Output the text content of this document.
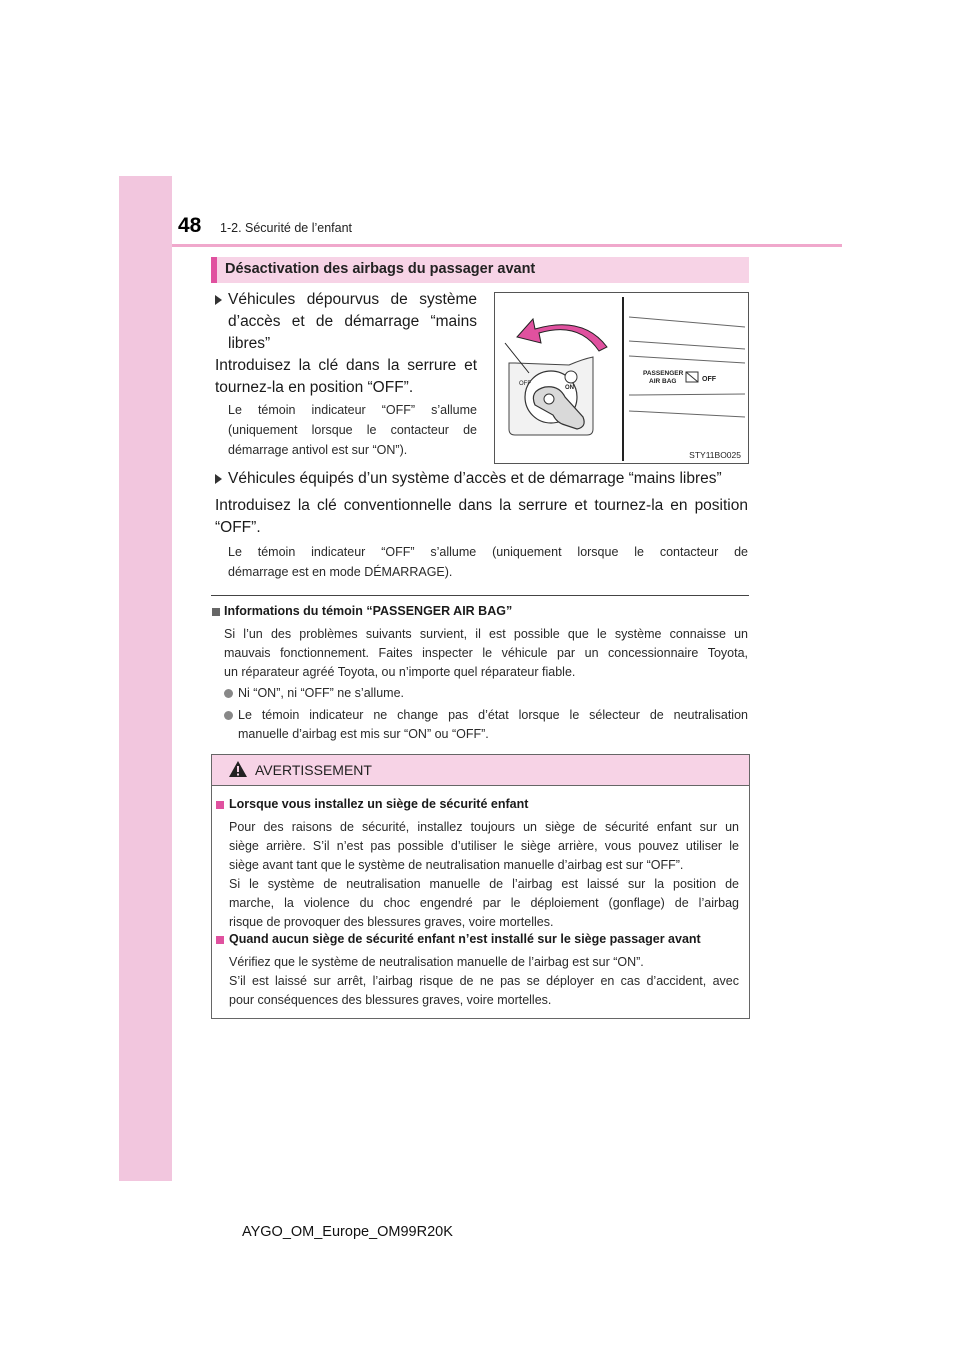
48 1-2. Sécurité de l’enfant
Désactivation des airbags du passager avant
Véhicules dépourvus de système
d’accès et de démarrage “mains
libres”
Introduisez la clé dans la serrure et
tournez-la en position “OFF”.
Le témoin indicateur “OFF” s’allume
(uniquement lorsque le contacteur de
démarrage antivol est sur “ON”).
PASSENGER
AIR BAG	OFF
OFF
ON
STY11BO025
Véhicules équipés d’un système d’accès et de démarrage “mains libres”
Introduisez la clé conventionnelle dans la serrure et tournez-la en position
“OFF”.
Le témoin indicateur “OFF” s’allume (uniquement lorsque le contacteur de
démarrage est en mode DÉMARRAGE).
Informations du témoin “PASSENGER AIR BAG”
Si l’un des problèmes suivants survient, il est possible que le système connaisse un
mauvais fonctionnement. Faites inspecter le véhicule par un concessionnaire Toyota,
un réparateur agréé Toyota, ou n’importe quel réparateur fiable.
Ni “ON”, ni “OFF” ne s’allume.
Le témoin indicateur ne change pas d’état lorsque le sélecteur de neutralisation
manuelle d’airbag est mis sur “ON” ou “OFF”.
AVERTISSEMENT
Lorsque vous installez un siège de sécurité enfant
Pour des raisons de sécurité, installez toujours un siège de sécurité enfant sur un
siège arrière. S’il n’est pas possible d’utiliser le siège arrière, vous pouvez utiliser le
siège avant tant que le système de neutralisation manuelle d’airbag est sur “OFF”.
Si le système de neutralisation manuelle de l’airbag est laissé sur la position de
marche, la violence du choc engendré par le déploiement (gonflage) de l’airbag
risque de provoquer des blessures graves, voire mortelles.
Quand aucun siège de sécurité enfant n’est installé sur le siège passager avant
Vérifiez que le système de neutralisation manuelle de l’airbag est sur “ON”.
S’il est laissé sur arrêt, l’airbag risque de ne pas se déployer en cas d’accident, avec
pour conséquences des blessures graves, voire mortelles.
AYGO_OM_Europe_OM99R20K
